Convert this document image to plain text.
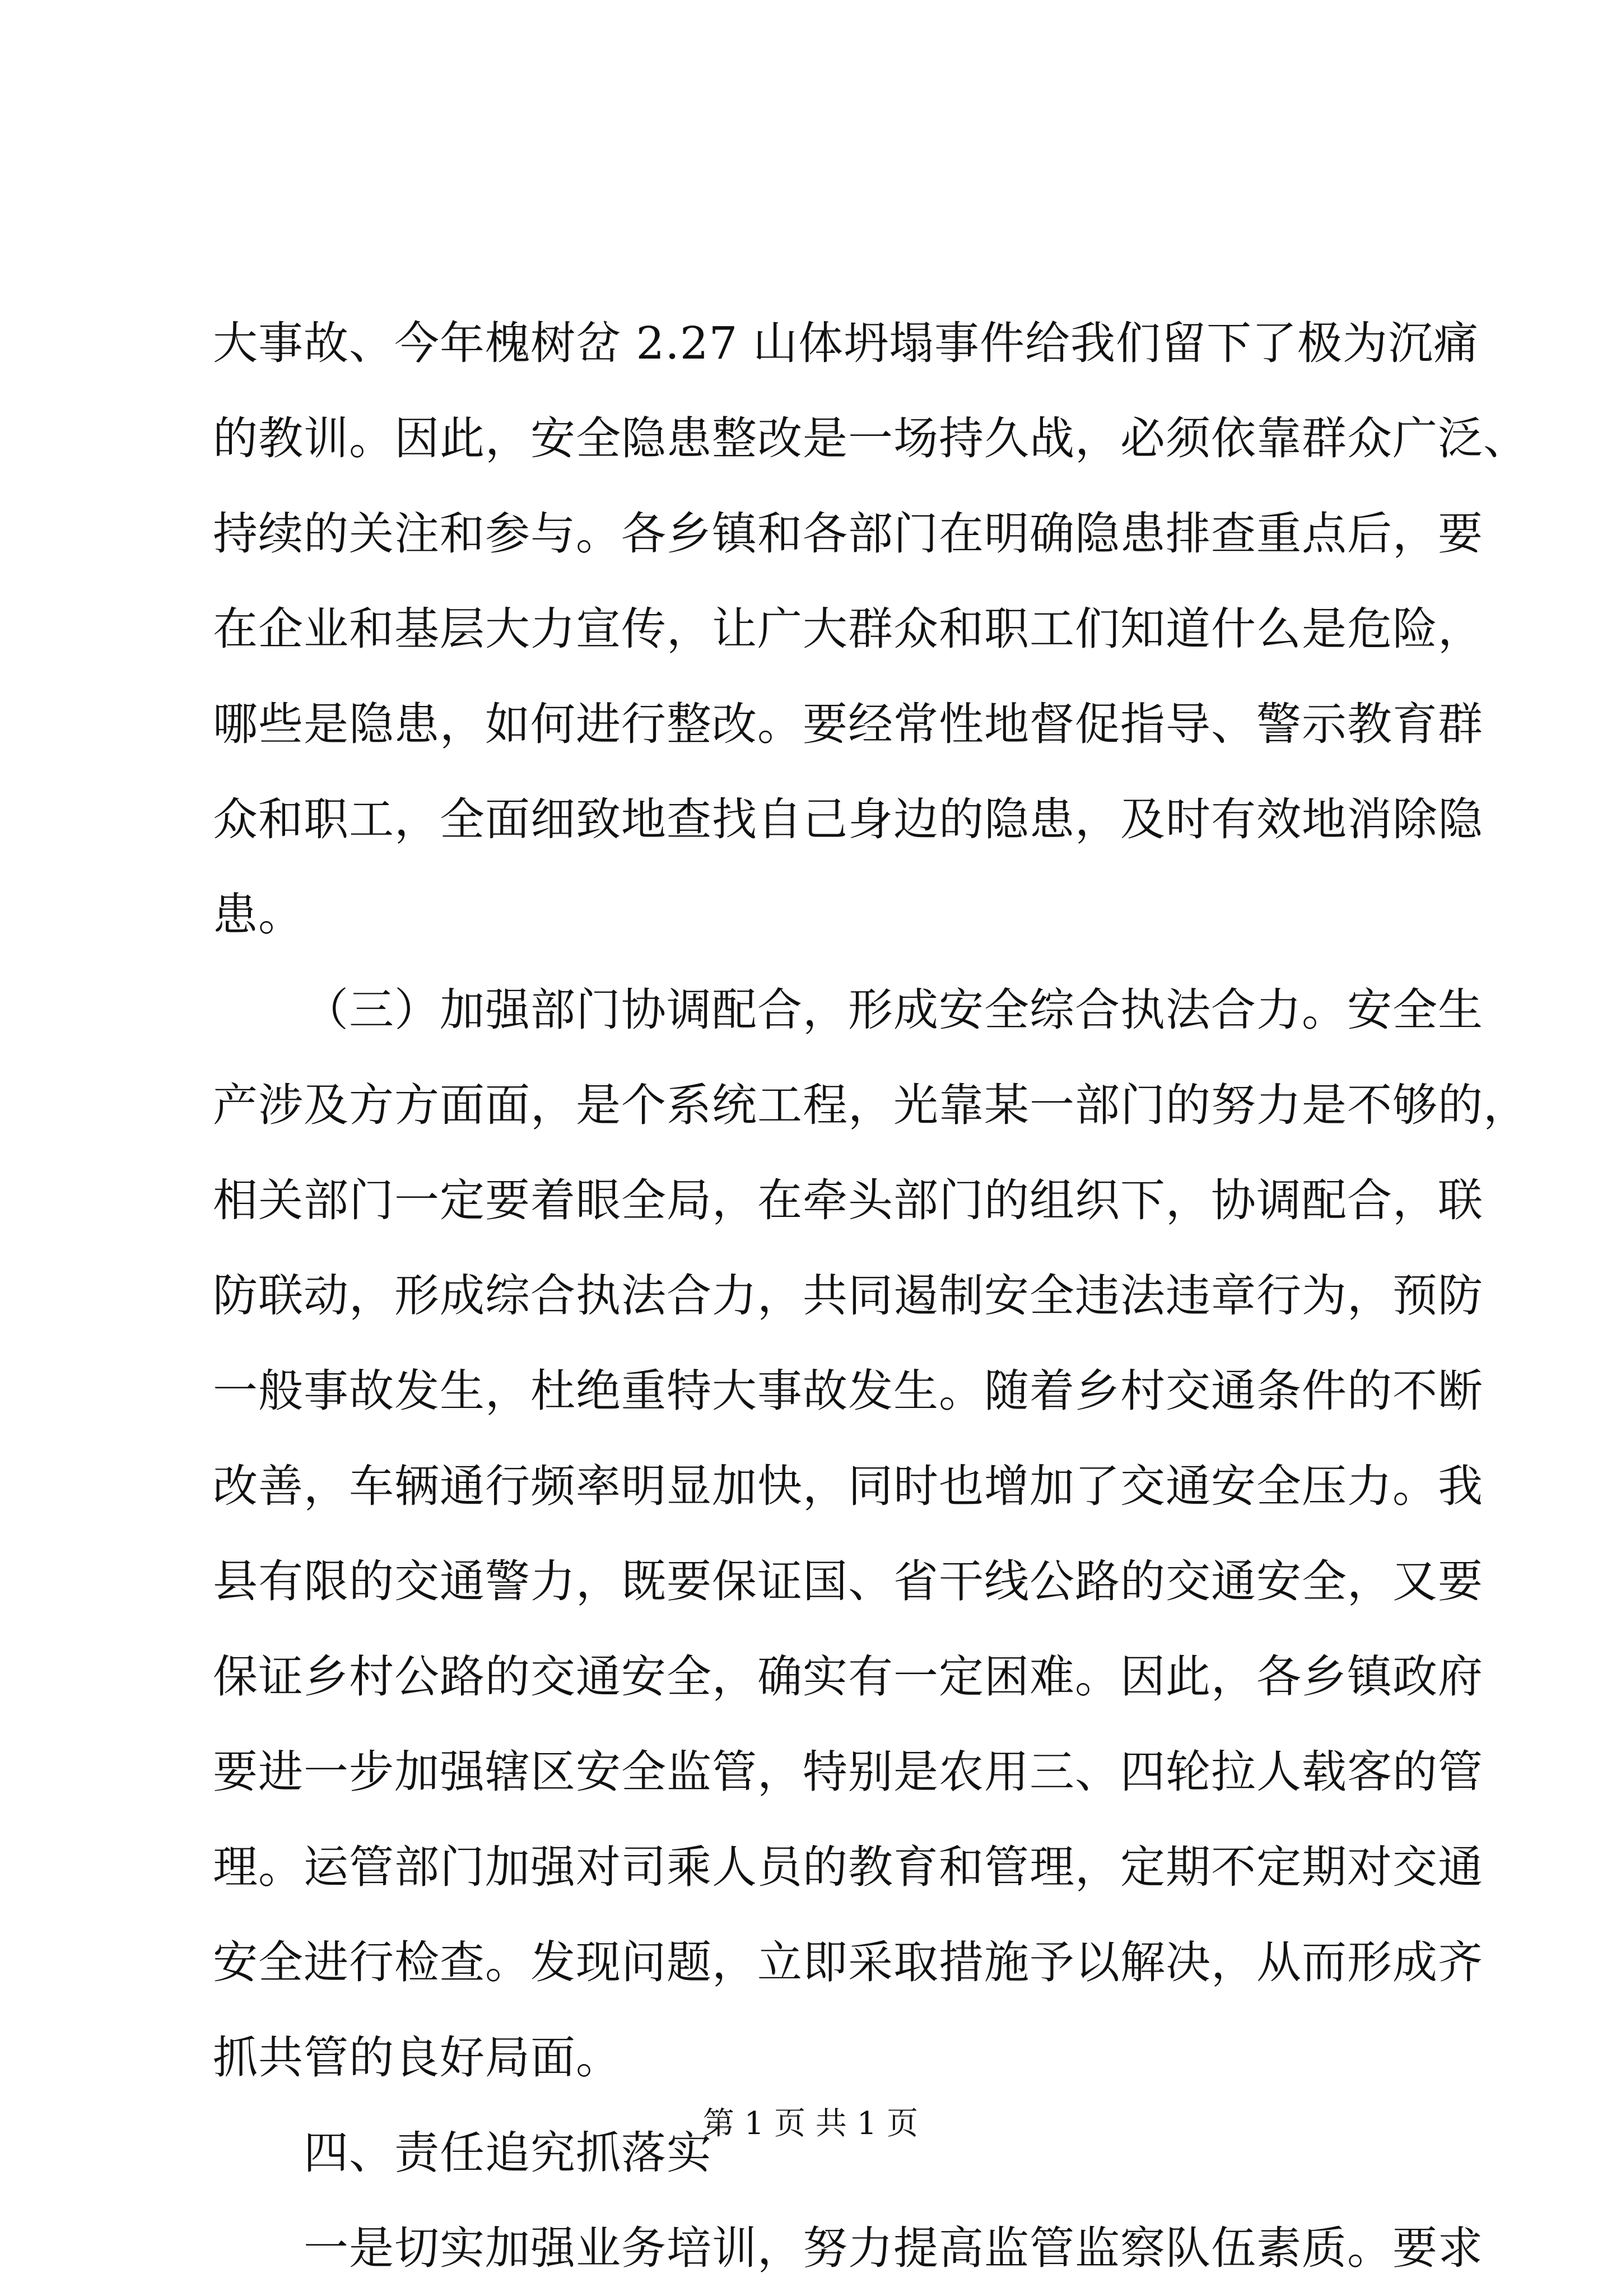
大事故、今年槐树岔 2.27 山体坍塌事件给我们留下了极为沉痛
的教训。因此，安全隐患整改是一场持久战，必须依靠群众广泛、
持续的关注和参与。各乡镇和各部门在明确隐患排查重点后，要
在企业和基层大力宣传，让广大群众和职工们知道什么是危险，
哪些是隐患，如何进行整改。要经常性地督促指导、警示教育群
众和职工，全面细致地查找自己身边的隐患，及时有效地消除隐
患。
（三）加强部门协调配合，形成安全综合执法合力。安全生
产涉及方方面面，是个系统工程，光靠某一部门的努力是不够的，
相关部门一定要着眼全局，在牵头部门的组织下，协调配合，联
防联动，形成综合执法合力，共同遏制安全违法违章行为，预防
一般事故发生，杜绝重特大事故发生。随着乡村交通条件的不断
改善，车辆通行频率明显加快，同时也增加了交通安全压力。我
县有限的交通警力，既要保证国、省干线公路的交通安全，又要
保证乡村公路的交通安全，确实有一定困难。因此，各乡镇政府
要进一步加强辖区安全监管，特别是农用三、四轮拉人载客的管
理。运管部门加强对司乘人员的教育和管理，定期不定期对交通
安全进行检查。发现问题，立即采取措施予以解决，从而形成齐
抓共管的良好局面。
四、责任追究抓落实
一是切实加强业务培训，努力提高监管监察队伍素质。要求
第 1 页 共 1 页
